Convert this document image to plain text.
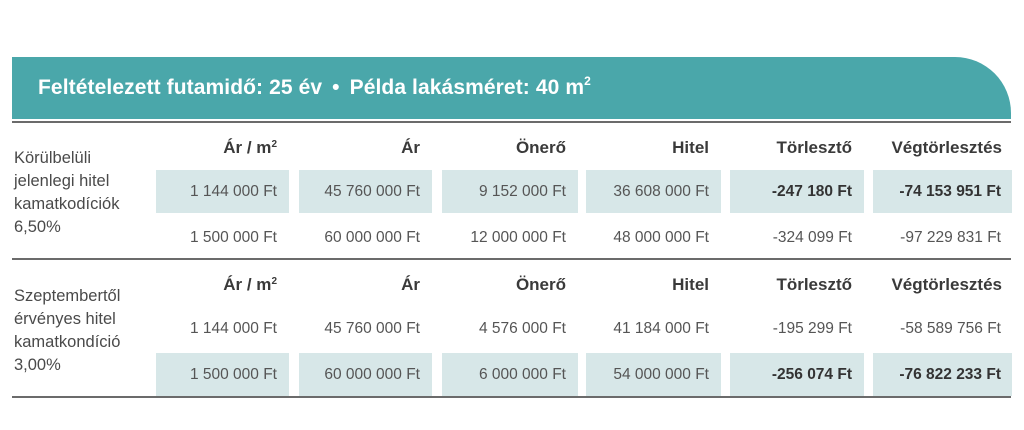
Feltételezett futamidő: 25 év • Példa lakásméret: 40 $m^2$
Körülbelüli
jelenlegi hitel
kamatkodíciók
6,50%
Ár / $m^2$	Ár	Önerő	Hitel	Törlesztő	Végtörlesztés
1 144 000 Ft	45 760 000 Ft	9 152 000 Ft	36 608 000 Ft	-247 180 Ft	-74 153 951 Ft
1 500 000 Ft	60 000 000 Ft	12 000 000 Ft	48 000 000 Ft	-324 099 Ft	-97 229 831 Ft
Szeptembertől
érvényes hitel
kamatkondíció
3,00%
Ár / $m^2$	Ár	Önerő	Hitel	Törlesztő	Végtörlesztés
1 144 000 Ft	45 760 000 Ft	4 576 000 Ft	41 184 000 Ft	-195 299 Ft	-58 589 756 Ft
1 500 000 Ft	60 000 000 Ft	6 000 000 Ft	54 000 000 Ft	-256 074 Ft	-76 822 233 Ft
